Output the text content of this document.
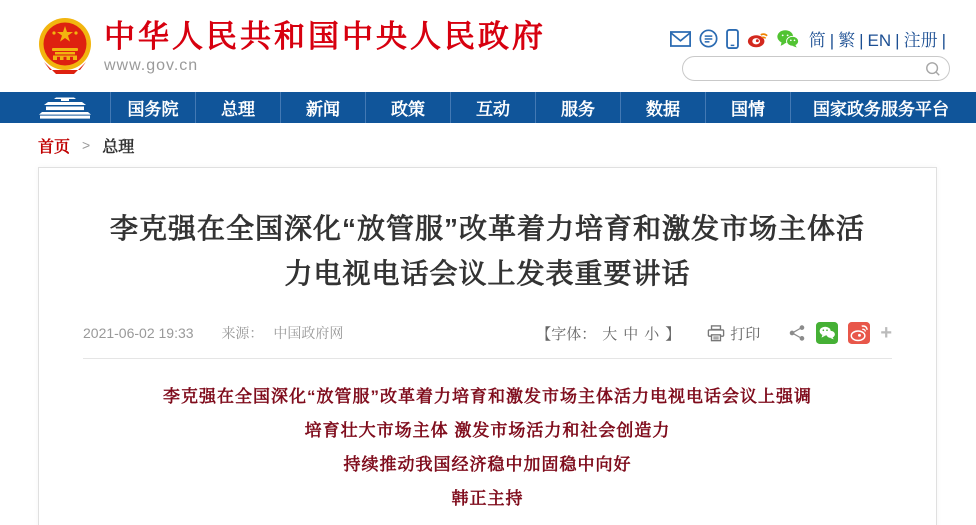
中华人民共和国中央人民政府
www.gov.cn
简 | 繁 | EN | 注册 |
国务院	总理	新闻	政策	互动	服务	数据	国情	国家政务服务平台
首页 > 总理
李克强在全国深化“放管服”改革着力培育和激发市场主体活力电视电话会议上发表重要讲话
2021-06-02 19:33 来源： 中国政府网	【字体： 大 中 小 】	打印	+

李克强在全国深化“放管服”改革着力培育和激发市场主体活力电视电话会议上强调

培育壮大市场主体 激发市场活力和社会创造力

持续推动我国经济稳中加固稳中向好

韩正主持
